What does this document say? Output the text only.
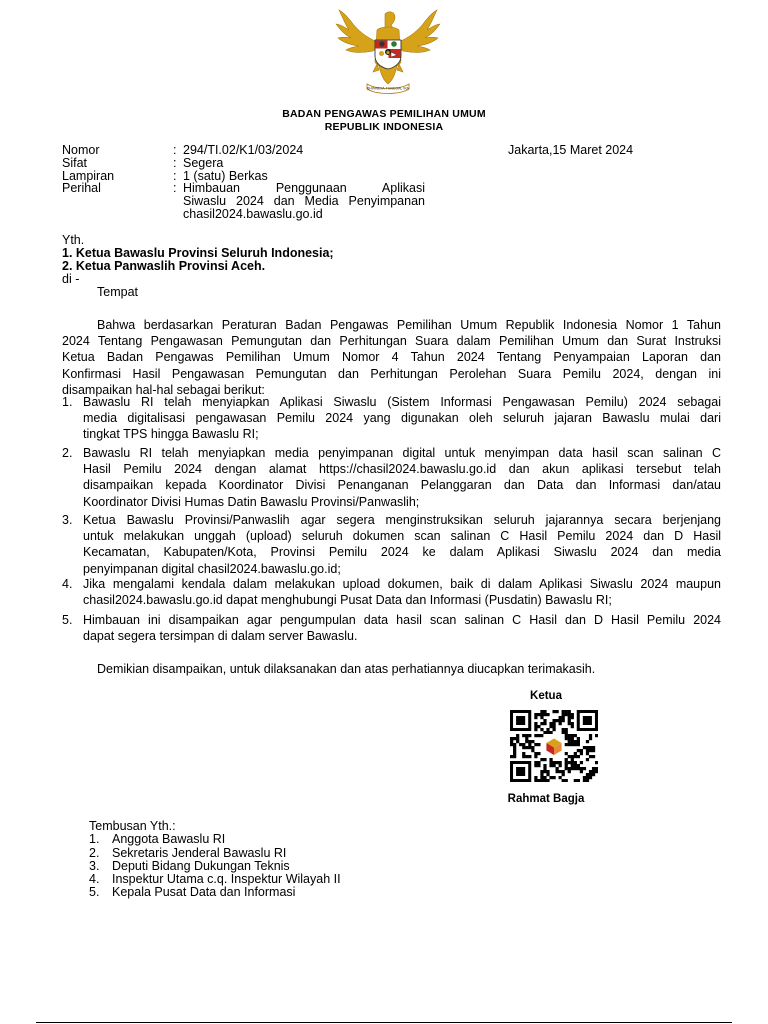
BHINNEKA TUNGGAL IKA
BADAN PENGAWAS PEMILIHAN UMUM
REPUBLIK INDONESIA
Nomor	: 294/TI.02/K1/03/2024
Sifat	: Segera
Lampiran	: 1 (satu) Berkas
Perihal	: Himbauan Penggunaan Aplikasi
Siwaslu 2024 dan Media Penyimpanan
chasil2024.bawaslu.go.id
Jakarta,15 Maret 2024
Yth.
1. Ketua Bawaslu Provinsi Seluruh Indonesia;
2. Ketua Panwaslih Provinsi Aceh.
di -
Tempat
Bahwa berdasarkan Peraturan Badan Pengawas Pemilihan Umum Republik Indonesia Nomor 1 Tahun
2024 Tentang Pengawasan Pemungutan dan Perhitungan Suara dalam Pemilihan Umum dan Surat Instruksi
Ketua Badan Pengawas Pemilihan Umum Nomor 4 Tahun 2024 Tentang Penyampaian Laporan dan
Konfirmasi Hasil Pengawasan Pemungutan dan Perhitungan Perolehan Suara Pemilu 2024, dengan ini
disampaikan hal-hal sebagai berikut:
1. Bawaslu RI telah menyiapkan Aplikasi Siwaslu (Sistem Informasi Pengawasan Pemilu) 2024 sebagai
media digitalisasi pengawasan Pemilu 2024 yang digunakan oleh seluruh jajaran Bawaslu mulai dari
tingkat TPS hingga Bawaslu RI;
2. Bawaslu RI telah menyiapkan media penyimpanan digital untuk menyimpan data hasil scan salinan C
Hasil Pemilu 2024 dengan alamat https://chasil2024.bawaslu.go.id dan akun aplikasi tersebut telah
disampaikan kepada Koordinator Divisi Penanganan Pelanggaran dan Data dan Informasi dan/atau
Koordinator Divisi Humas Datin Bawaslu Provinsi/Panwaslih;
3. Ketua Bawaslu Provinsi/Panwaslih agar segera menginstruksikan seluruh jajarannya secara berjenjang
untuk melakukan unggah (upload) seluruh dokumen scan salinan C Hasil Pemilu 2024 dan D Hasil
Kecamatan, Kabupaten/Kota, Provinsi Pemilu 2024 ke dalam Aplikasi Siwaslu 2024 dan media
penyimpanan digital chasil2024.bawaslu.go.id;
4. Jika mengalami kendala dalam melakukan upload dokumen, baik di dalam Aplikasi Siwaslu 2024 maupun
chasil2024.bawaslu.go.id dapat menghubungi Pusat Data dan Informasi (Pusdatin) Bawaslu RI;
5. Himbauan ini disampaikan agar pengumpulan data hasil scan salinan C Hasil dan D Hasil Pemilu 2024
dapat segera tersimpan di dalam server Bawaslu.
Demikian disampaikan, untuk dilaksanakan dan atas perhatiannya diucapkan terimakasih.
Ketua
Rahmat Bagja
Tembusan Yth.:
1. Anggota Bawaslu RI
2. Sekretaris Jenderal Bawaslu RI
3. Deputi Bidang Dukungan Teknis
4. Inspektur Utama c.q. Inspektur Wilayah II
5. Kepala Pusat Data dan Informasi
